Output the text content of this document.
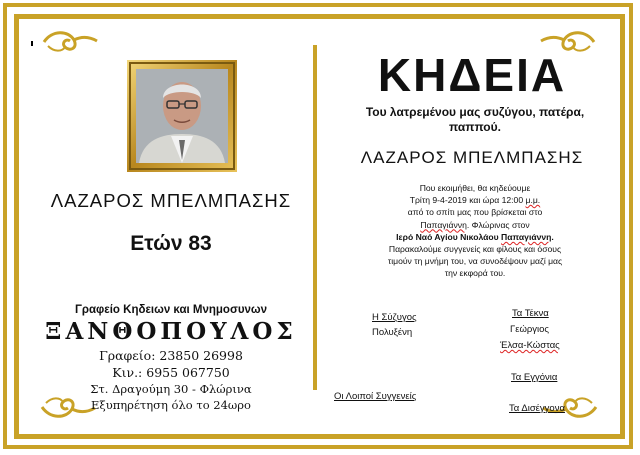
ΛΑΖΑΡΟΣ ΜΠΕΛΜΠΑΣΗΣ

Ετών 83

Γραφείο Κηδειων και Μνημοσυνων

ΞΑΝΘΟΠΟΥΛΟΣ

Γραφείο: 23850 26998

Κιν.: 6955 067750

Στ. Δραγούμη 30 - Φλώρινα

Εξυπηρέτηση όλο το 24ωρο

ΚΗΔΕΙΑ

Του λατρεμένου μας συζύγου, πατέρα,
παππού.

ΛΑΖΑΡΟΣ ΜΠΕΛΜΠΑΣΗΣ

Που εκοιμήθει, θα κηδεύουμε
Τρίτη 9-4-2019 και ώρα 12:00 μ.μ.
από το σπίτι μας που βρίσκεται στο
Παπαγιάννη. Φλώρινας στον
Ιερό Ναό Αγίου Νικολάου Παπαγιάννη.
Παρακαλούμε συγγενείς και φίλους και όσους
τιμούν τη μνήμη του, να συνοδέψουν μαζί μας
την εκφορά του.
Η Σύζυγος
Πολυξένη
Τα Τέκνα
Γεώργιος
Έλσα-Κώστας
Τα Εγγόνια
Οι Λοιποί Συγγενείς
Τα Δισέγγονα
